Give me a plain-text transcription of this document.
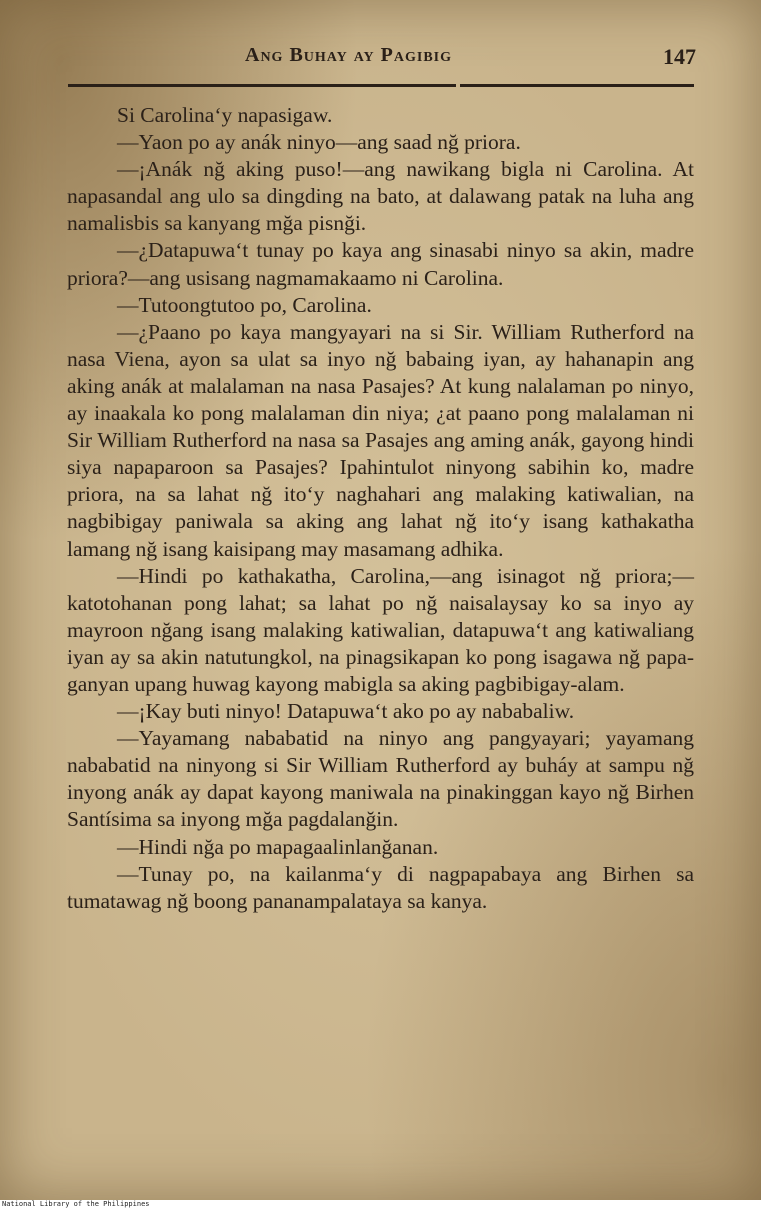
Ang Buhay ay Pagibig	147

Si Carolina‘y napasigaw.

—Yaon po ay anák ninyo—ang saad nğ priora.

—¡Anák nğ aking puso!—ang nawikang bigla ni Carolina. At napasandal ang ulo sa dingding na bato, at dalawang patak na luha ang namalisbis sa kanyang mğa pisnği.

—¿Datapuwa‘t tunay po kaya ang sinasabi ninyo sa akin, madre priora?—ang usisang nagmamakaamo ni Carolina.

—Tutoongtutoo po, Carolina.

—¿Paano po kaya mangyayari na si Sir. William Rutherford na nasa Viena, ayon sa ulat sa inyo nğ babaing iyan, ay hahanapin ang aking anák at malalaman na nasa Pasajes? At kung nalalaman po ninyo, ay inaakala ko pong malalaman din niya; ¿at paano pong malalaman ni Sir William Rutherford na nasa sa Pasajes ang aming anák, gayong hindi siya napaparoon sa Pasajes? Ipahintulot ninyong sabihin ko, madre priora, na sa lahat nğ ito‘y naghahari ang malaking katiwalian, na nagbibigay paniwala sa aking ang lahat nğ ito‘y isang kathakatha lamang nğ isang kaisipang may masamang adhika.

—Hindi po kathakatha, Carolina,—ang isinagot nğ priora;—katotohanan pong lahat; sa lahat po nğ naisalaysay ko sa inyo ay mayroon nğang isang malaking katiwalian, datapuwa‘t ang katiwaliang iyan ay sa akin natutungkol, na pinagsikapan ko pong isagawa nğ papaganyan upang huwag kayong mabigla sa aking pagbibigay-alam.

—¡Kay buti ninyo! Datapuwa‘t ako po ay nababaliw.

—Yayamang nababatid na ninyo ang pangyayari; yayamang nababatid na ninyong si Sir William Rutherford ay buháy at sampu nğ inyong anák ay dapat kayong maniwala na pinakinggan kayo nğ Birhen Santísima sa inyong mğa pagdalanğin.

—Hindi nğa po mapagaalinlanğanan.

—Tunay po, na kailanma‘y di nagpapabaya ang Birhen sa tumatawag nğ boong pananampalataya sa kanya.

National Library of the Philippines
